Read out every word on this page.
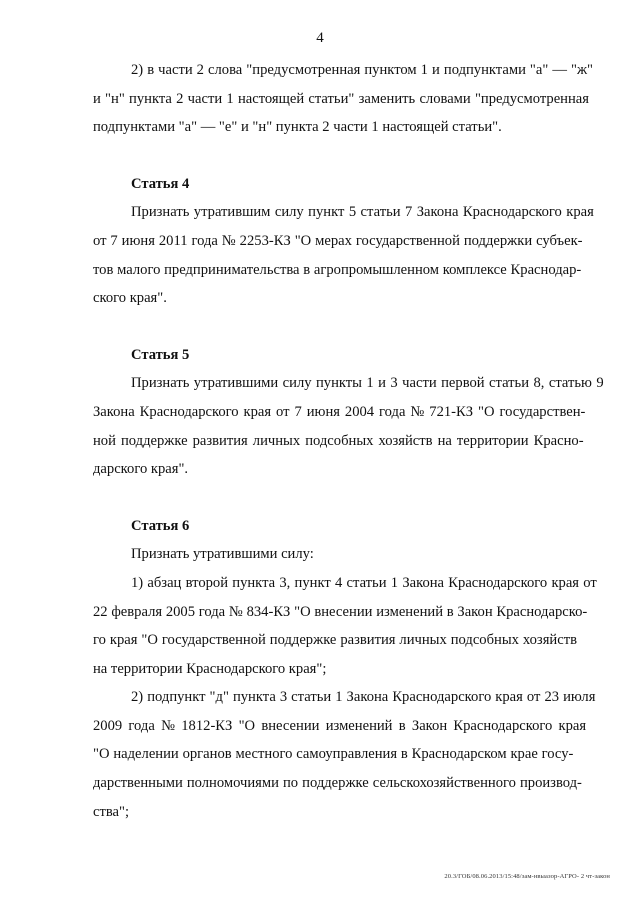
4
2) в части 2 слова "предусмотренная пунктом 1 и подпунктами "а" — "ж"
и "н" пункта 2 части 1 настоящей статьи" заменить словами "предусмотренная
подпунктами "а" — "е" и "н" пункта 2 части 1 настоящей статьи".
Статья 4
Признать утратившим силу пункт 5 статьи 7 Закона Краснодарского края
от 7 июня 2011 года № 2253-КЗ "О мерах государственной поддержки субъек-
тов малого предпринимательства в агропромышленном комплексе Краснодар-
ского края".
Статья 5
Признать утратившими силу пункты 1 и 3 части первой статьи 8, статью 9
Закона Краснодарского края от 7 июня 2004 года № 721-КЗ "О государствен-
ной поддержке развития личных подсобных хозяйств на территории Красно-
дарского края".
Статья 6
Признать утратившими силу:
1) абзац второй пункта 3, пункт 4 статьи 1 Закона Краснодарского края от
22 февраля 2005 года № 834-КЗ "О внесении изменений в Закон Краснодарско-
го края "О государственной поддержке развития личных подсобных хозяйств
на территории Краснодарского края";
2) подпункт "д" пункта 3 статьи 1 Закона Краснодарского края от 23 июля
2009 года № 1812-КЗ "О внесении изменений в Закон Краснодарского края
"О наделении органов местного самоуправления в Краснодарском крае госу-
дарственными полномочиями по поддержке сельскохозяйственного производ-
ства";
20.3/ГОБ/08.06.2013/15:48/зам-нвыазор-АГРО- 2 чт-закон
